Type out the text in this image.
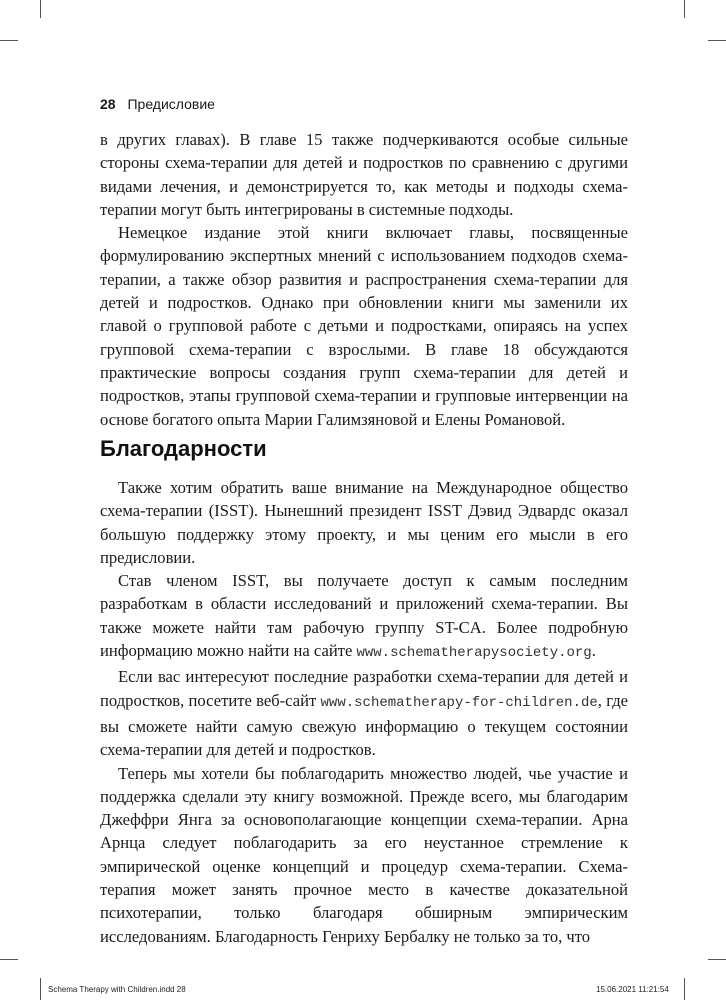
28 Предисловие

в других главах). В главе 15 также подчеркиваются особые сильные стороны схема-терапии для детей и подростков по сравнению с другими видами лечения, и демонстрируется то, как методы и подходы схема-терапии могут быть интегрированы в системные подходы.

Немецкое издание этой книги включает главы, посвященные формулированию экспертных мнений с использованием подходов схема-терапии, а также обзор развития и распространения схема-терапии для детей и подростков. Однако при обновлении книги мы заменили их главой о групповой работе с детьми и подростками, опираясь на успех групповой схема-терапии с взрослыми. В главе 18 обсуждаются практические вопросы создания групп схема-терапии для детей и подростков, этапы групповой схема-терапии и групповые интервенции на основе богатого опыта Марии Галимзяновой и Елены Романовой.

Благодарности

Также хотим обратить ваше внимание на Международное общество схема-терапии (ISST). Нынешний президент ISST Дэвид Эдвардс оказал большую поддержку этому проекту, и мы ценим его мысли в его предисловии.

Став членом ISST, вы получаете доступ к самым последним разработкам в области исследований и приложений схема-терапии. Вы также можете найти там рабочую группу ST-CA. Более подробную информацию можно найти на сайте www.schematherapysociety.org.

Если вас интересуют последние разработки схема-терапии для детей и подростков, посетите веб-сайт www.schematherapy-for-children.de, где вы сможете найти самую свежую информацию о текущем состоянии схема-терапии для детей и подростков.

Теперь мы хотели бы поблагодарить множество людей, чье участие и поддержка сделали эту книгу возможной. Прежде всего, мы благодарим Джеффри Янга за основополагающие концепции схема-терапии. Арна Арнца следует поблагодарить за его неустанное стремление к эмпирической оценке концепций и процедур схема-терапии. Схема-терапия может занять прочное место в качестве доказательной психотерапии, только благодаря обширным эмпирическим исследованиям. Благодарность Генриху Бербалку не только за то, что

Schema Therapy with Children.indd 28	15.06.2021 11:21:54
